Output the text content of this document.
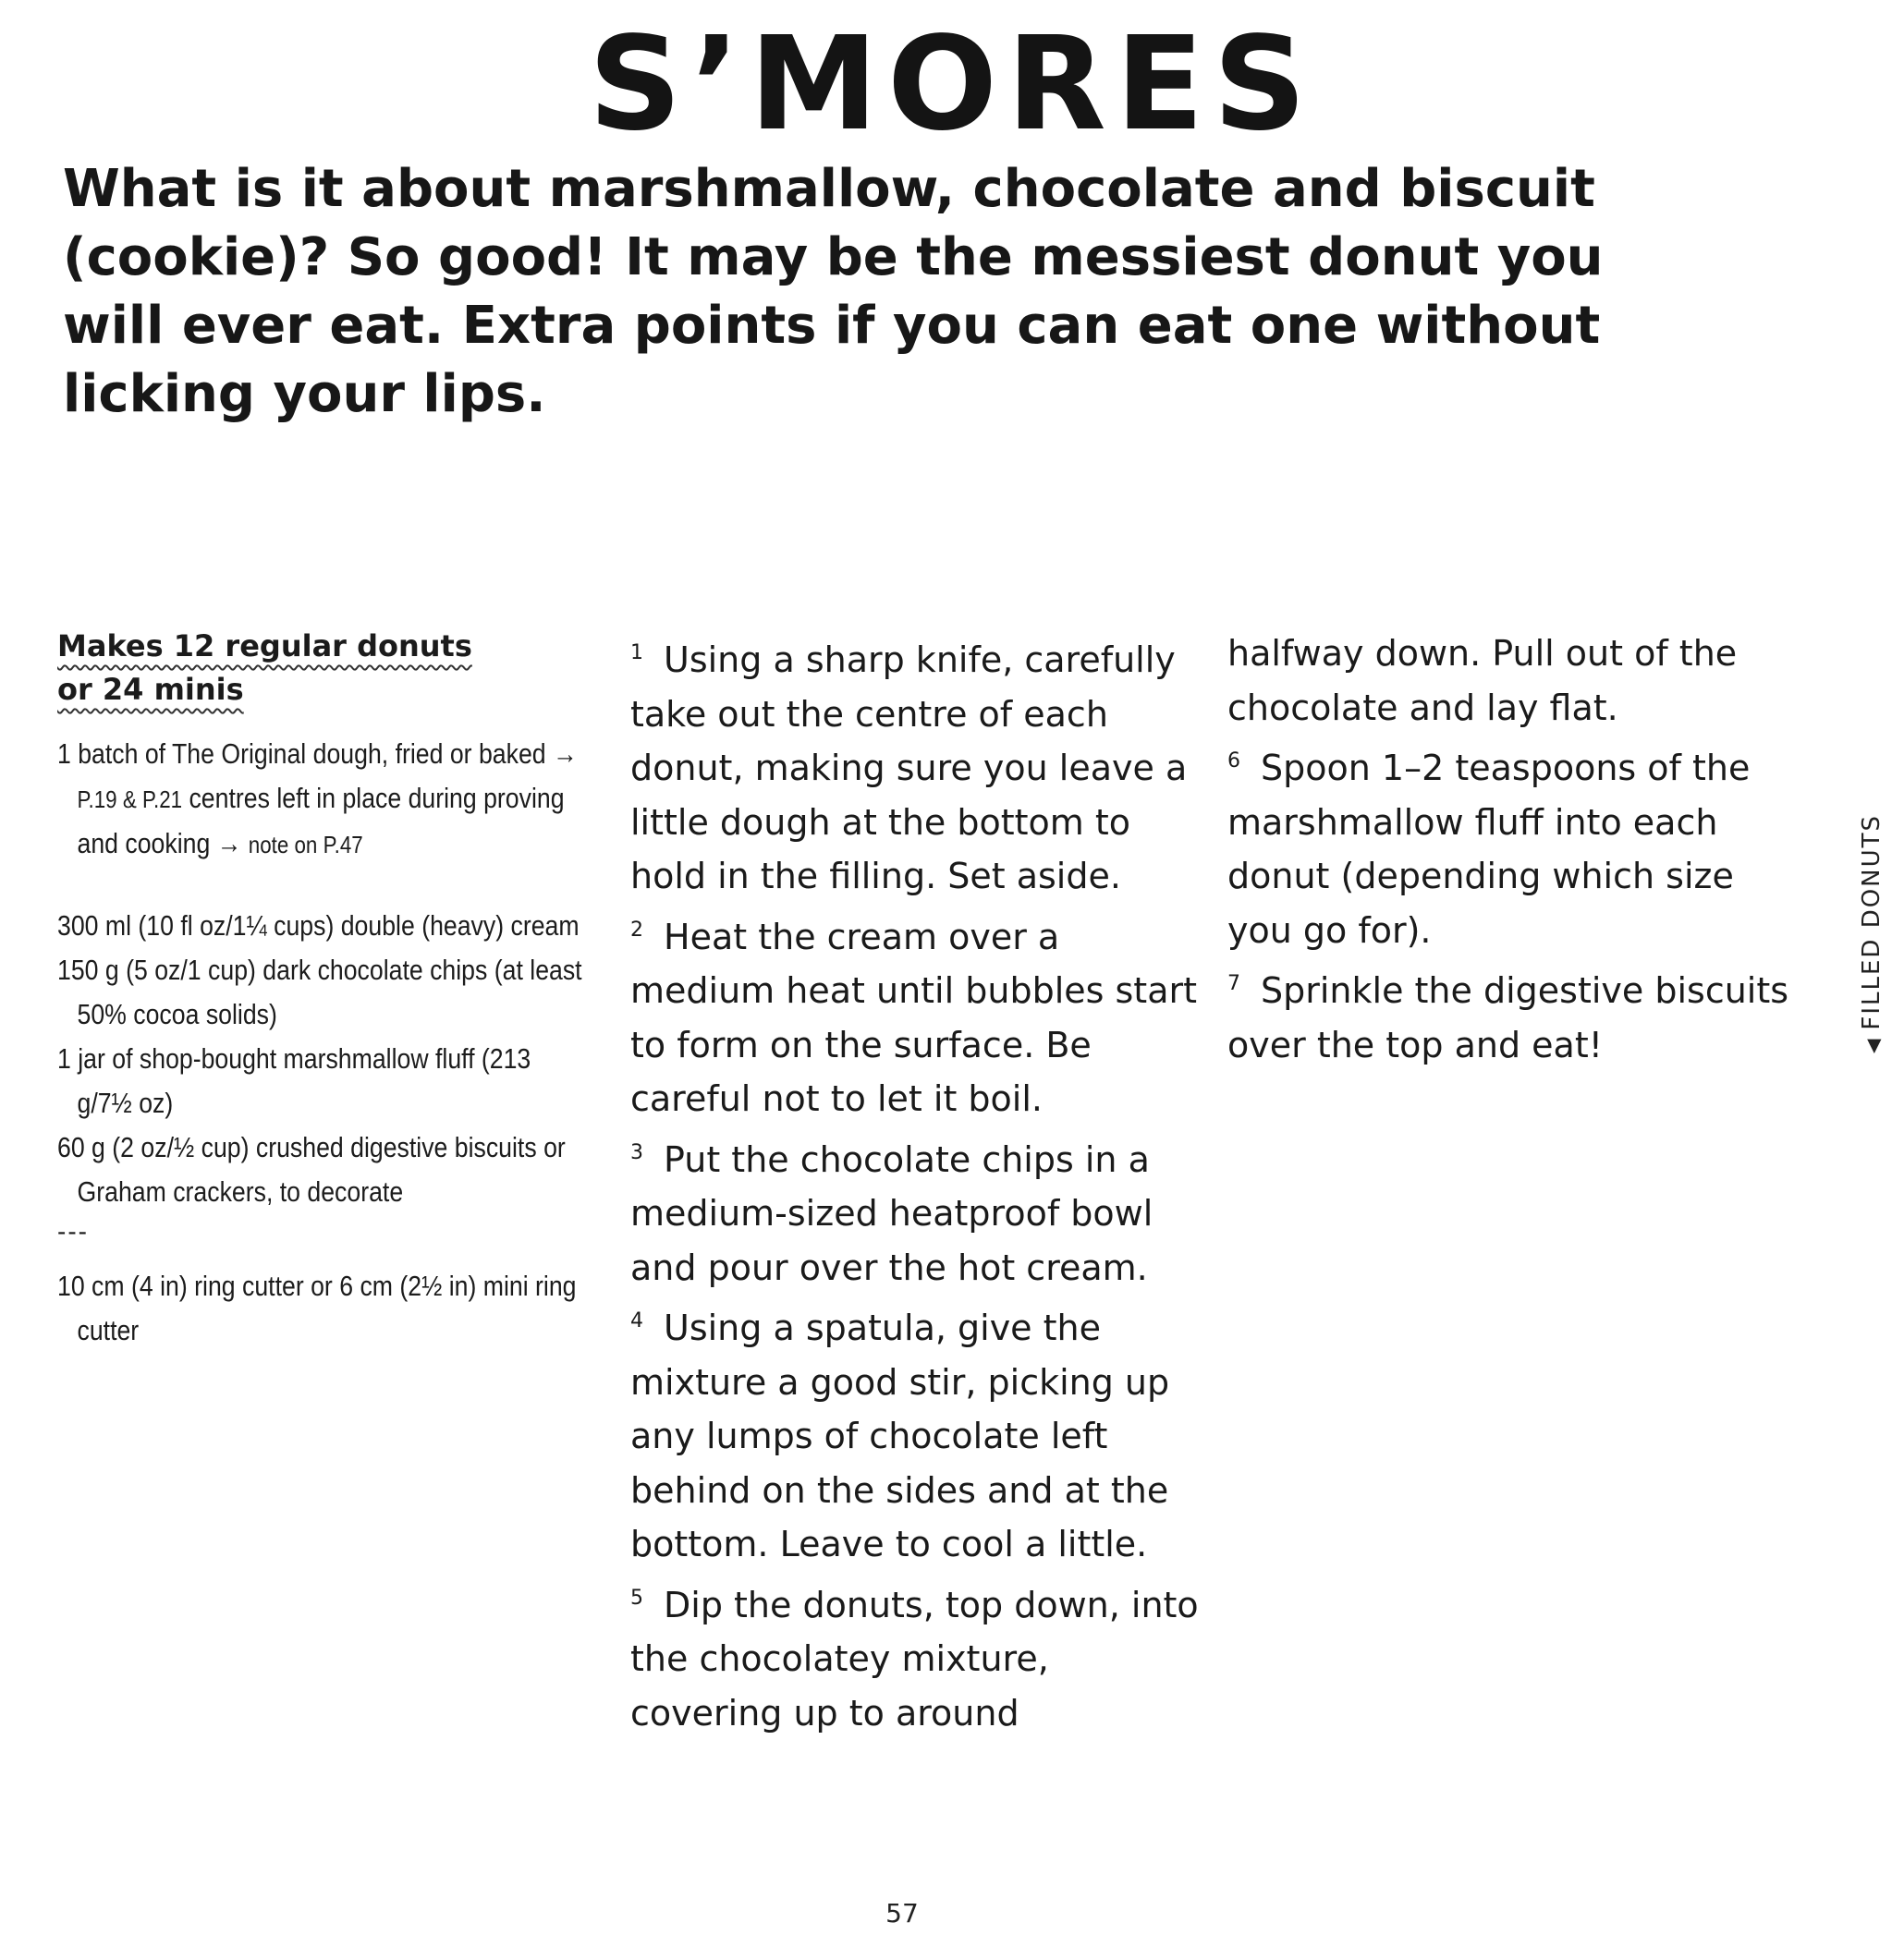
S’MORES

What is it about marshmallow, chocolate and biscuit (cookie)? So good! It may be the messiest donut you will ever eat. Extra points if you can eat one without licking your lips.

Makes 12 regular donuts
or 24 minis
1 batch of The Original dough, fried or baked → P.19 & P.21 centres left in place during proving and cooking → note on P.47
300 ml (10 fl oz/1¼ cups) double (heavy) cream
150 g (5 oz/1 cup) dark chocolate chips (at least 50% cocoa solids)
1 jar of shop-bought marshmallow fluff (213 g/7½ oz)
60 g (2 oz/½ cup) crushed digestive biscuits or Graham crackers, to decorate
---
10 cm (4 in) ring cutter or 6 cm (2½ in) mini ring cutter

$^1$ Using a sharp knife, carefully take out the centre of each donut, making sure you leave a little dough at the bottom to hold in the filling. Set aside.

$^2$ Heat the cream over a medium heat until bubbles start to form on the surface. Be careful not to let it boil.

$^3$ Put the chocolate chips in a medium-sized heatproof bowl and pour over the hot cream.

$^4$ Using a spatula, give the mixture a good stir, picking up any lumps of chocolate left behind on the sides and at the bottom. Leave to cool a little.

$^5$ Dip the donuts, top down, into the chocolatey mixture, covering up to around

halfway down. Pull out of the chocolate and lay flat.

$^6$ Spoon 1–2 teaspoons of the marshmallow fluff into each donut (depending which size you go for).

$^7$ Sprinkle the digestive biscuits over the top and eat!	◀FILLED DONUTS
57
